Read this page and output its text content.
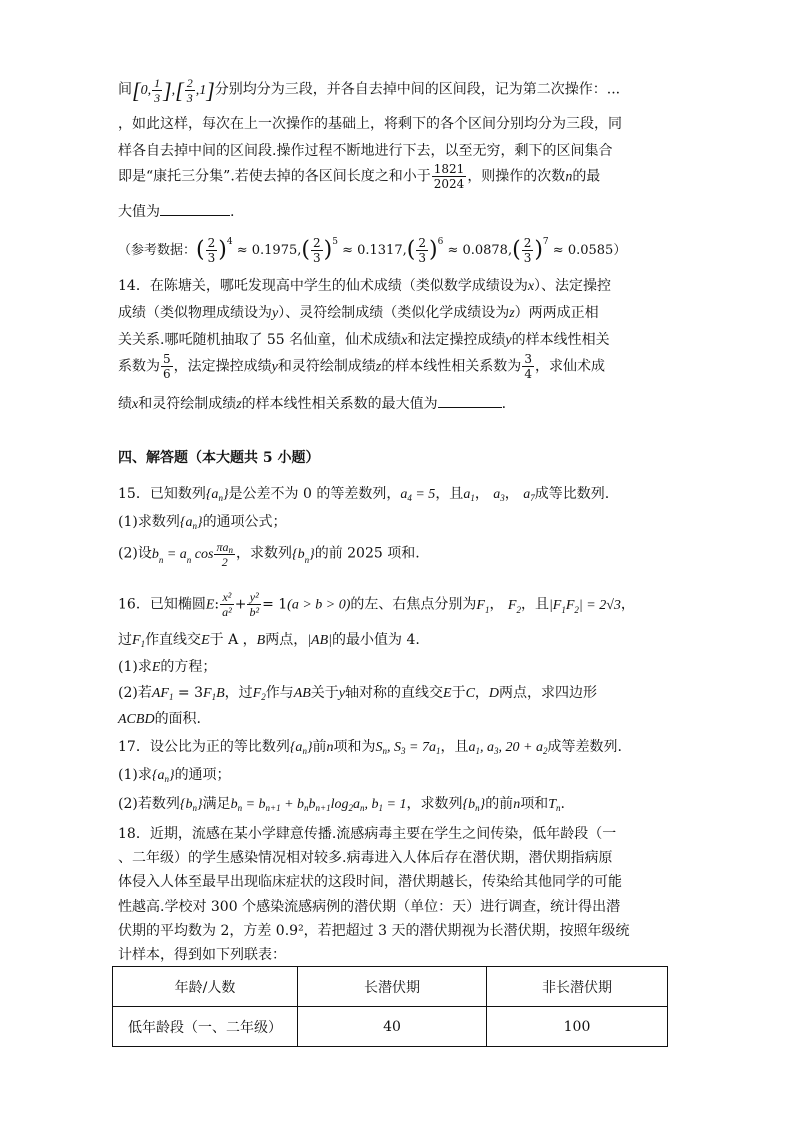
间[0, $\frac{1}{3}$ ],[ $\frac{2}{3} ,1$]分别均分为三段，并各自去掉中间的区间段，记为第二次操作：...
，如此这样，每次在上一次操作的基础上，将剩下的各个区间分别均分为三段，同
样各自去掉中间的区间段.操作过程不断地进行下去，以至无穷，剩下的区间集合
即是“康托三分集”.若使去掉的各区间长度之和小于 $\frac{1821}{2024}$ ，则操作的次数n的最
大值为	.
（参考数据：( $\frac{2}{3} )^4 \approx 0.1975,( \frac{2}{3} )^5 \approx 0.1317,( \frac{2}{3} )^6 \approx 0.0878,( \frac{2}{3} )^7 \approx 0.0585$）
14．在陈塘关，哪吒发现高中学生的仙术成绩（类似数学成绩设为x）、法定操控
成绩（类似物理成绩设为y）、灵符绘制成绩（类似化学成绩设为z）两两成正相
关关系.哪吒随机抽取了 55 名仙童，仙术成绩x和法定操控成绩y的样本线性相关
系数为 $\frac{5}{6}$ ，法定操控成绩y和灵符绘制成绩z的样本线性相关系数为 $\frac{3}{4}$ ，求仙术成
绩x和灵符绘制成绩z的样本线性相关系数的最大值为	.
四、解答题（本大题共 5 小题）
15．已知数列$\{a_n\}$是公差不为 0 的等差数列，$a_4 = 5$，且$a_1$， $a_3$， $a_7$成等比数列.
(1)求数列$\{a_n\}$的通项公式；
(2)设$b_n = a_n$ $\cos \frac{\pi a_n}{2}$ ，求数列$\{b_n\}$的前 2025 项和.
16．已知椭圆E: $\frac{\text{x²}}{\text{a²}} + \frac{\text{y²}}{\text{b²}} = 1(a > b > 0)$的左、右焦点分别为$F_1$， $F_2$，且$|F_1F_2| = 2√3$，
过$F_1$作直线交E于 A ，B两点，|AB|的最小值为 4.
(1)求E的方程；
(2)若$AF_1 = 3F_1B$，过$F_2$作与AB关于y轴对称的直线交E于C，D两点，求四边形
ACBD的面积.
17．设公比为正的等比数列$\{a_n\}$前n项和为$S_n$, $S_3 = 7a_1$，且$a_1$, $a_3$, $20 + a_2$成等差数列.
(1)求$\{a_n\}$的通项；
(2)若数列$\{b_n\}$满足$b_n = b_{n+1} + b_nb_{n+1}\log_2a_n$, $b_1 = 1$，求数列$\{b_n\}$的前n项和$T_n$.
18．近期，流感在某小学肆意传播.流感病毒主要在学生之间传染，低年龄段（一
、二年级）的学生感染情况相对较多.病毒进入人体后存在潜伏期，潜伏期指病原
体侵入人体至最早出现临床症状的这段时间，潜伏期越长，传染给其他同学的可能
性越高.学校对 300 个感染流感病例的潜伏期（单位：天）进行调查，统计得出潜
伏期的平均数为 2，方差 0.9²，若把超过 3 天的潜伏期视为长潜伏期，按照年级统
计样本，得到如下列联表：
年龄/人数	长潜伏期	非长潜伏期
低年龄段（一、二年级）	40	100
